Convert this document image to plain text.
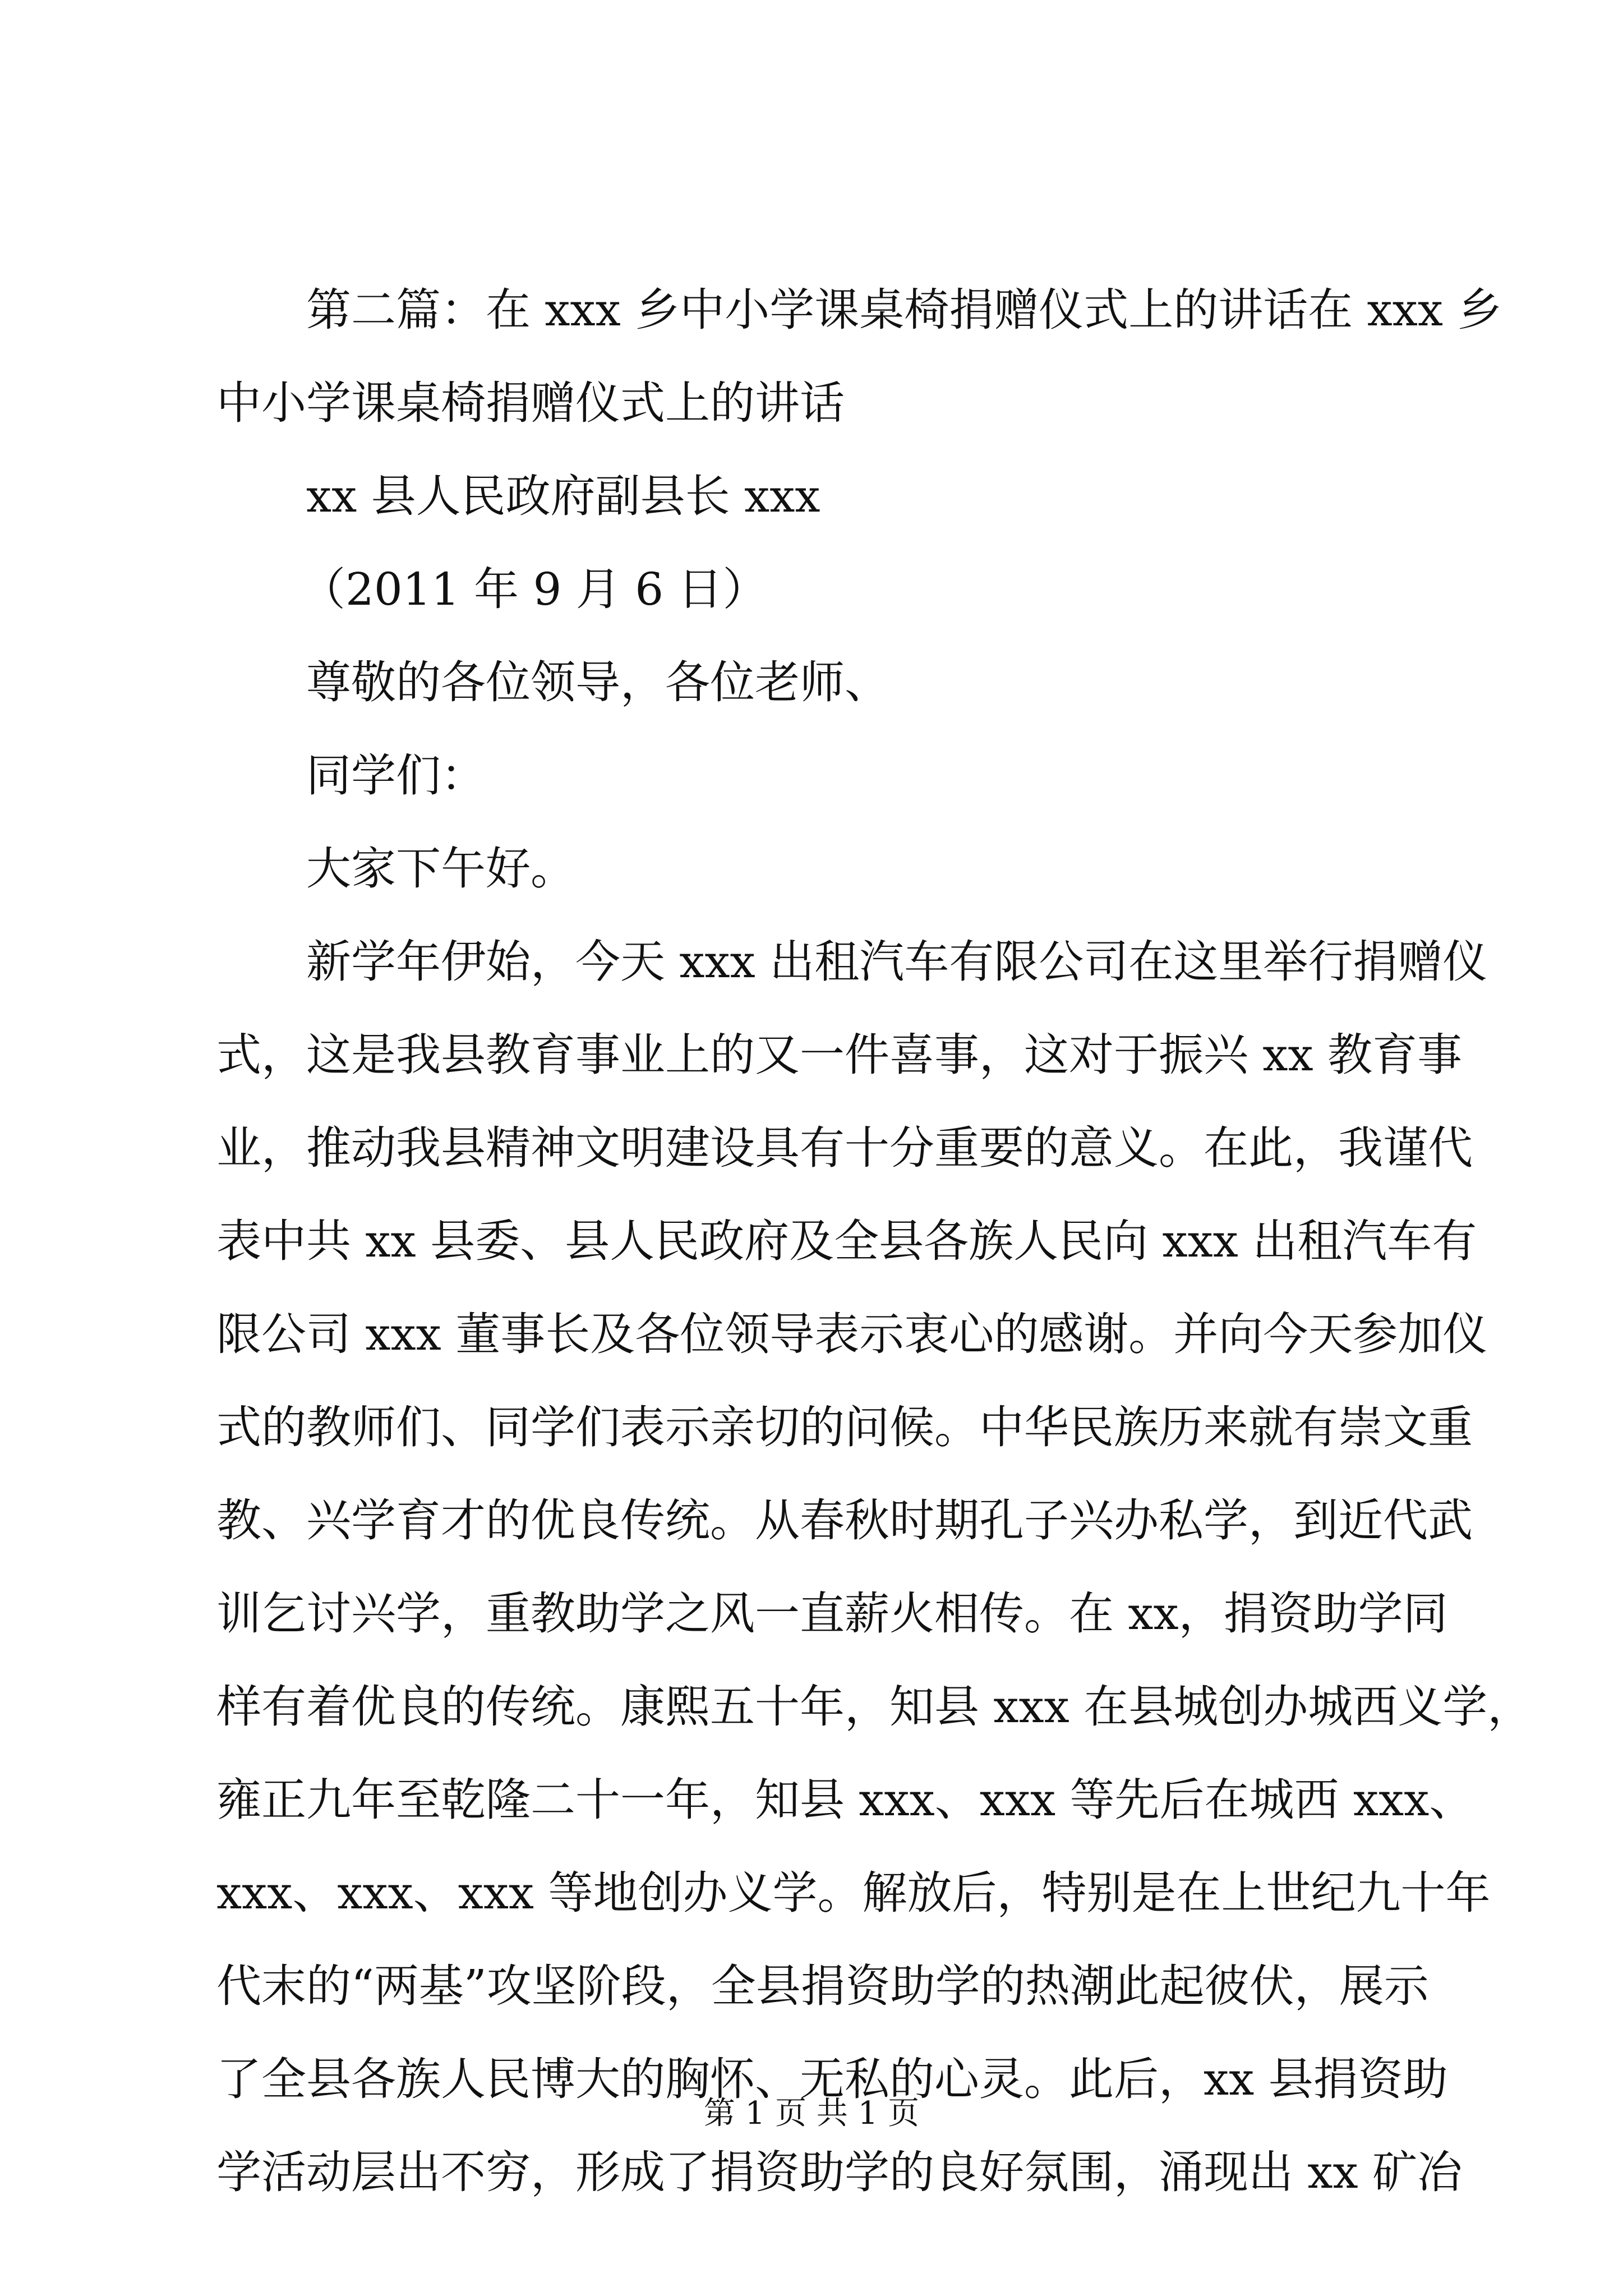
第二篇：在 xxx 乡中小学课桌椅捐赠仪式上的讲话在 xxx 乡

中小学课桌椅捐赠仪式上的讲话

xx 县人民政府副县长 xxx

（2011 年 9 月 6 日）

尊敬的各位领导，各位老师、

同学们：

大家下午好。

新学年伊始，今天 xxx 出租汽车有限公司在这里举行捐赠仪

式，这是我县教育事业上的又一件喜事，这对于振兴 xx 教育事

业，推动我县精神文明建设具有十分重要的意义。在此，我谨代

表中共 xx 县委、县人民政府及全县各族人民向 xxx 出租汽车有

限公司 xxx 董事长及各位领导表示衷心的感谢。并向今天参加仪

式的教师们、同学们表示亲切的问候。中华民族历来就有崇文重

教、兴学育才的优良传统。从春秋时期孔子兴办私学，到近代武

训乞讨兴学，重教助学之风一直薪火相传。在 xx，捐资助学同

样有着优良的传统。康熙五十年，知县 xxx 在县城创办城西义学，

雍正九年至乾隆二十一年，知县 xxx、xxx 等先后在城西 xxx、

xxx、xxx、xxx 等地创办义学。解放后，特别是在上世纪九十年

代末的“两基”攻坚阶段，全县捐资助学的热潮此起彼伏，展示

了全县各族人民博大的胸怀、无私的心灵。此后，xx 县捐资助

学活动层出不穷，形成了捐资助学的良好氛围，涌现出 xx 矿冶

第 1 页 共 1 页
